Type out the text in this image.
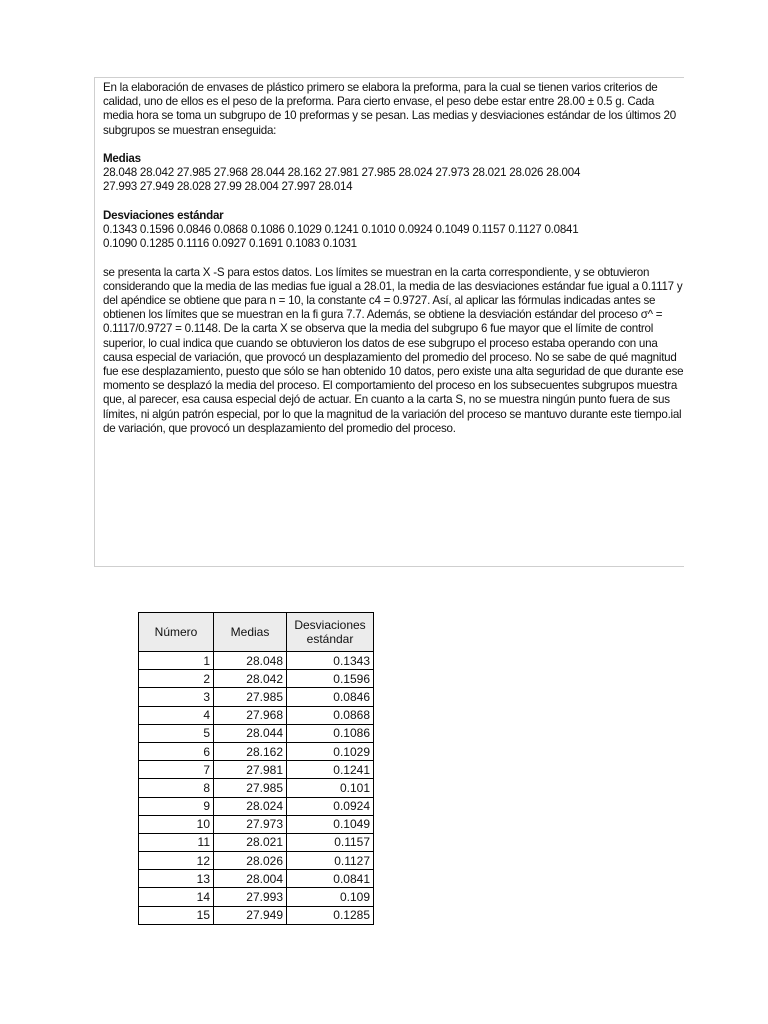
En la elaboración de envases de plástico primero se elabora la preforma, para la cual se tienen varios criterios de calidad, uno de ellos es el peso de la preforma. Para cierto envase, el peso debe estar entre 28.00 ± 0.5 g. Cada media hora se toma un subgrupo de 10 preformas y se pesan. Las medias y desviaciones estándar de los últimos 20 subgrupos se muestran enseguida:

Medias

28.048 28.042 27.985 27.968 28.044 28.162 27.981 27.985 28.024 27.973 28.021 28.026 28.004
27.993 27.949 28.028 27.99 28.004 27.997 28.014

Desviaciones estándar

0.1343 0.1596 0.0846 0.0868 0.1086 0.1029 0.1241 0.1010 0.0924 0.1049 0.1157 0.1127 0.0841
0.1090 0.1285 0.1116 0.0927 0.1691 0.1083 0.1031

se presenta la carta X -S para estos datos. Los límites se muestran en la carta correspondiente, y se obtuvieron considerando que la media de las medias fue igual a 28.01, la media de las desviaciones estándar fue igual a 0.1117 y del apéndice se obtiene que para n = 10, la constante c4 = 0.9727. Así, al aplicar las fórmulas indicadas antes se obtienen los límites que se muestran en la fi gura 7.7. Además, se obtiene la desviación estándar del proceso σ^ = 0.1117/0.9727 = 0.1148. De la carta X se observa que la media del subgrupo 6 fue mayor que el límite de control superior, lo cual indica que cuando se obtuvieron los datos de ese subgrupo el proceso estaba operando con una causa especial de variación, que provocó un desplazamiento del promedio del proceso. No se sabe de qué magnitud fue ese desplazamiento, puesto que sólo se han obtenido 10 datos, pero existe una alta seguridad de que durante ese momento se desplazó la media del proceso. El comportamiento del proceso en los subsecuentes subgrupos muestra que, al parecer, esa causa especial dejó de actuar. En cuanto a la carta S, no se muestra ningún punto fuera de sus límites, ni algún patrón especial, por lo que la magnitud de la variación del proceso se mantuvo durante este tiempo.ial de variación, que provocó un desplazamiento del promedio del proceso.

Número	Medias	Desviaciones estándar
1	28.048	0.1343
2	28.042	0.1596
3	27.985	0.0846
4	27.968	0.0868
5	28.044	0.1086
6	28.162	0.1029
7	27.981	0.1241
8	27.985	0.101
9	28.024	0.0924
10	27.973	0.1049
11	28.021	0.1157
12	28.026	0.1127
13	28.004	0.0841
14	27.993	0.109
15	27.949	0.1285
